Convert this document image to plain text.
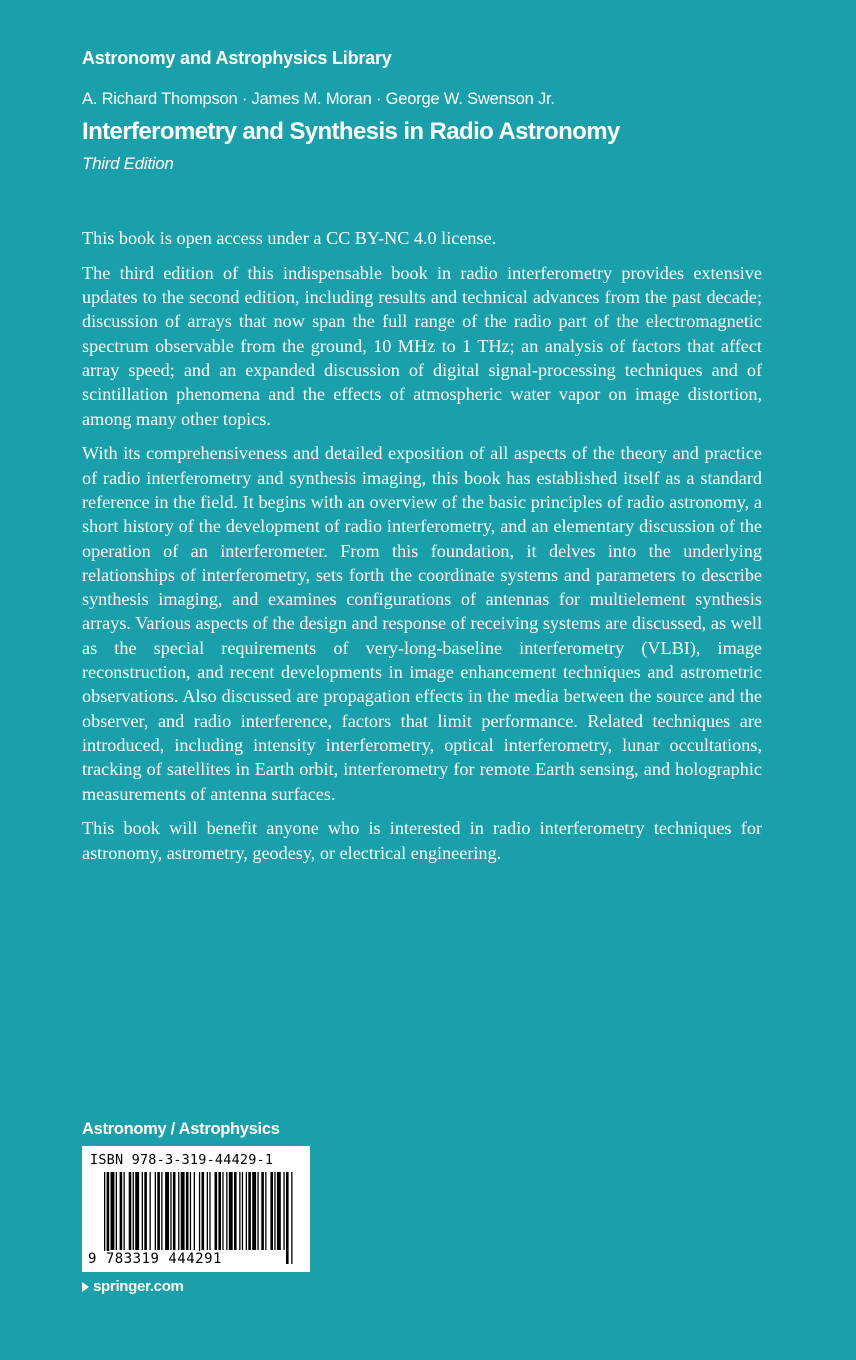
Astronomy and Astrophysics Library
A. Richard Thompson · James M. Moran · George W. Swenson Jr.
Interferometry and Synthesis in Radio Astronomy
Third Edition

This book is open access under a CC BY-NC 4.0 license.

The third edition of this indispensable book in radio interferometry provides extensive updates to the second edition, including results and technical advances from the past decade; discussion of arrays that now span the full range of the radio part of the electromagnetic spectrum observable from the ground, 10 MHz to 1 THz; an analysis of factors that affect array speed; and an expanded discussion of digital signal-processing techniques and of scintillation phenomena and the effects of atmospheric water vapor on image distortion, among many other topics.

With its comprehensiveness and detailed exposition of all aspects of the theory and practice of radio interferometry and synthesis imaging, this book has established itself as a standard reference in the field. It begins with an overview of the basic principles of radio astronomy, a short history of the development of radio interferometry, and an elementary discussion of the operation of an interferometer. From this foundation, it delves into the underlying relationships of interferometry, sets forth the coordinate systems and parameters to describe synthesis imaging, and examines configurations of antennas for multielement synthesis arrays. Various aspects of the design and response of receiving systems are discussed, as well as the special requirements of very-long-baseline interferometry (VLBI), image reconstruction, and recent developments in image enhancement techniques and astrometric observations. Also discussed are propagation effects in the media between the source and the observer, and radio interference, factors that limit performance. Related techniques are introduced, including intensity interferometry, optical interferometry, lunar occultations, tracking of satellites in Earth orbit, interferometry for remote Earth sensing, and holographic measurements of antenna surfaces.

This book will benefit anyone who is interested in radio interferometry techniques for astronomy, astrometry, geodesy, or electrical engineering.

Astronomy / Astrophysics
ISBN 978-3-319-44429-1
9 783319 444291
springer.com
